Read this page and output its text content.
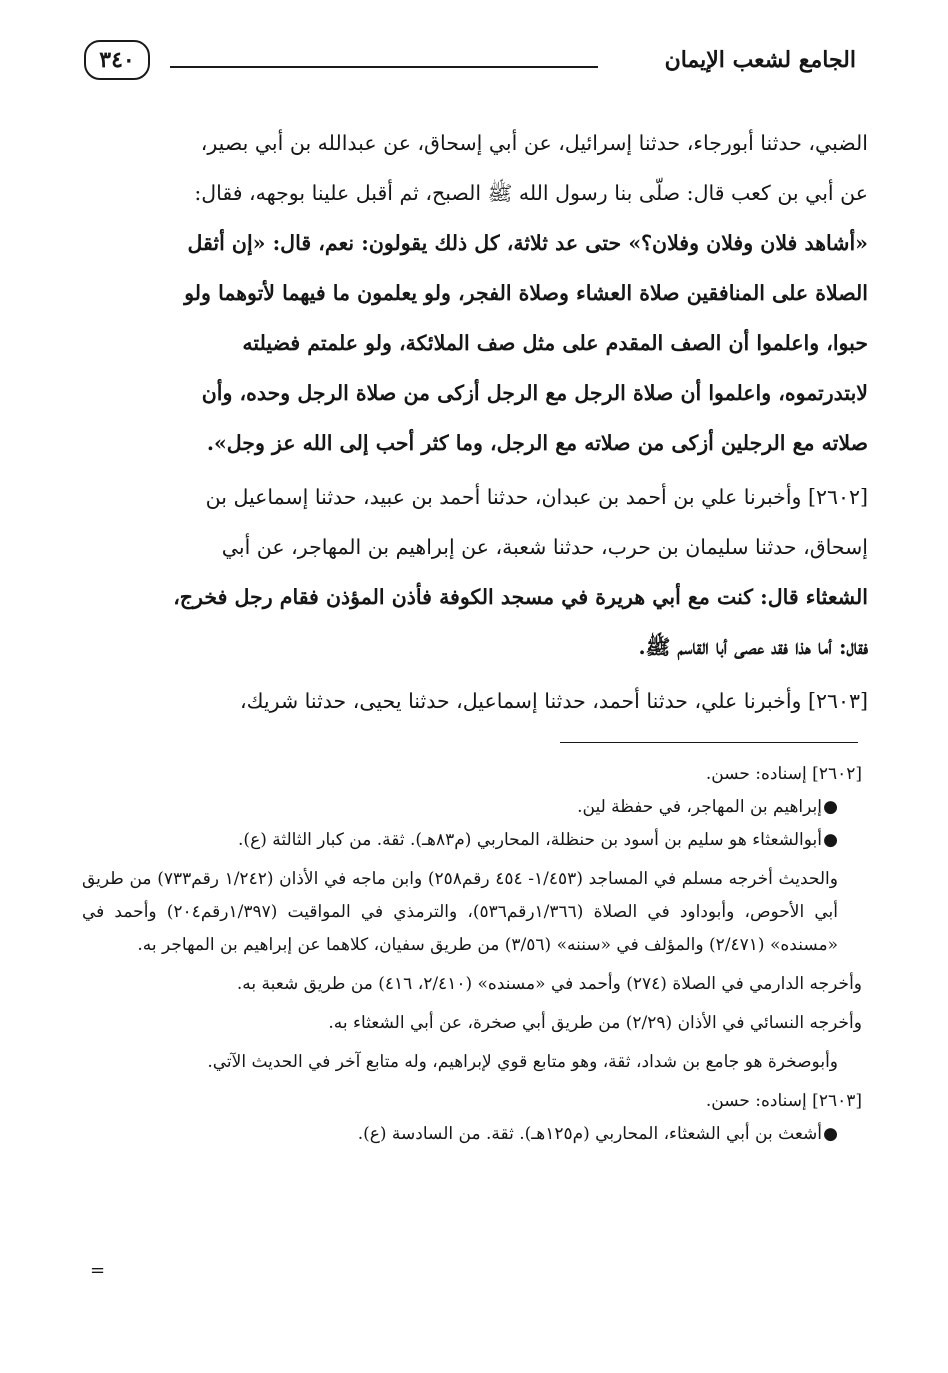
٣٤٠	الجامع لشعب الإيمان

الضبي، حدثنا أبورجاء، حدثنا إسرائيل، عن أبي إسحاق، عن عبدالله بن أبي بصير،

عن أبي بن كعب قال: صلّى بنا رسول الله ﷺ الصبح، ثم أقبل علينا بوجهه، فقال:

«أشاهد فلان وفلان وفلان؟» حتى عد ثلاثة، كل ذلك يقولون: نعم، قال: «إن أثقل

الصلاة على المنافقين صلاة العشاء وصلاة الفجر، ولو يعلمون ما فيهما لأتوهما ولو

حبوا، واعلموا أن الصف المقدم على مثل صف الملائكة، ولو علمتم فضيلته

لابتدرتموه، واعلموا أن صلاة الرجل مع الرجل أزكى من صلاة الرجل وحده، وأن

صلاته مع الرجلين أزكى من صلاته مع الرجل، وما كثر أحب إلى الله عز وجل».

[٢٦٠٢] وأخبرنا علي بن أحمد بن عبدان، حدثنا أحمد بن عبيد، حدثنا إسماعيل بن

إسحاق، حدثنا سليمان بن حرب، حدثنا شعبة، عن إبراهيم بن المهاجر، عن أبي

الشعثاء قال: كنت مع أبي هريرة في مسجد الكوفة فأذن المؤذن فقام رجل فخرج،

فقال: أما هذا فقد عصى أبا القاسم ﷺ.

[٢٦٠٣] وأخبرنا علي، حدثنا أحمد، حدثنا إسماعيل، حدثنا يحيى، حدثنا شريك،

[٢٦٠٢] إسناده: حسن.

●إبراهيم بن المهاجر، في حفظة لين.

●أبوالشعثاء هو سليم بن أسود بن حنظلة، المحاربي (م٨٣هـ). ثقة. من كبار الثالثة (ع).

والحديث أخرجه مسلم في المساجد (١/٤٥٣- ٤٥٤ رقم٢٥٨) وابن ماجه في الأذان (١/٢٤٢ رقم٧٣٣) من طريق أبي الأحوص، وأبوداود في الصلاة (١/٣٦٦رقم٥٣٦)، والترمذي في المواقيت (١/٣٩٧رقم٢٠٤) وأحمد في «مسنده» (٢/٤٧١) والمؤلف في «سننه» (٣/٥٦) من طريق سفيان، كلاهما عن إبراهيم بن المهاجر به.

وأخرجه الدارمي في الصلاة (٢٧٤) وأحمد في «مسنده» (٢/٤١٠، ٤١٦) من طريق شعبة به.

وأخرجه النسائي في الأذان (٢/٢٩) من طريق أبي صخرة، عن أبي الشعثاء به.

وأبوصخرة هو جامع بن شداد، ثقة، وهو متابع قوي لإبراهيم، وله متابع آخر في الحديث الآتي.

[٢٦٠٣] إسناده: حسن.

●أشعث بن أبي الشعثاء، المحاربي (م١٢٥هـ). ثقة. من السادسة (ع).

=
